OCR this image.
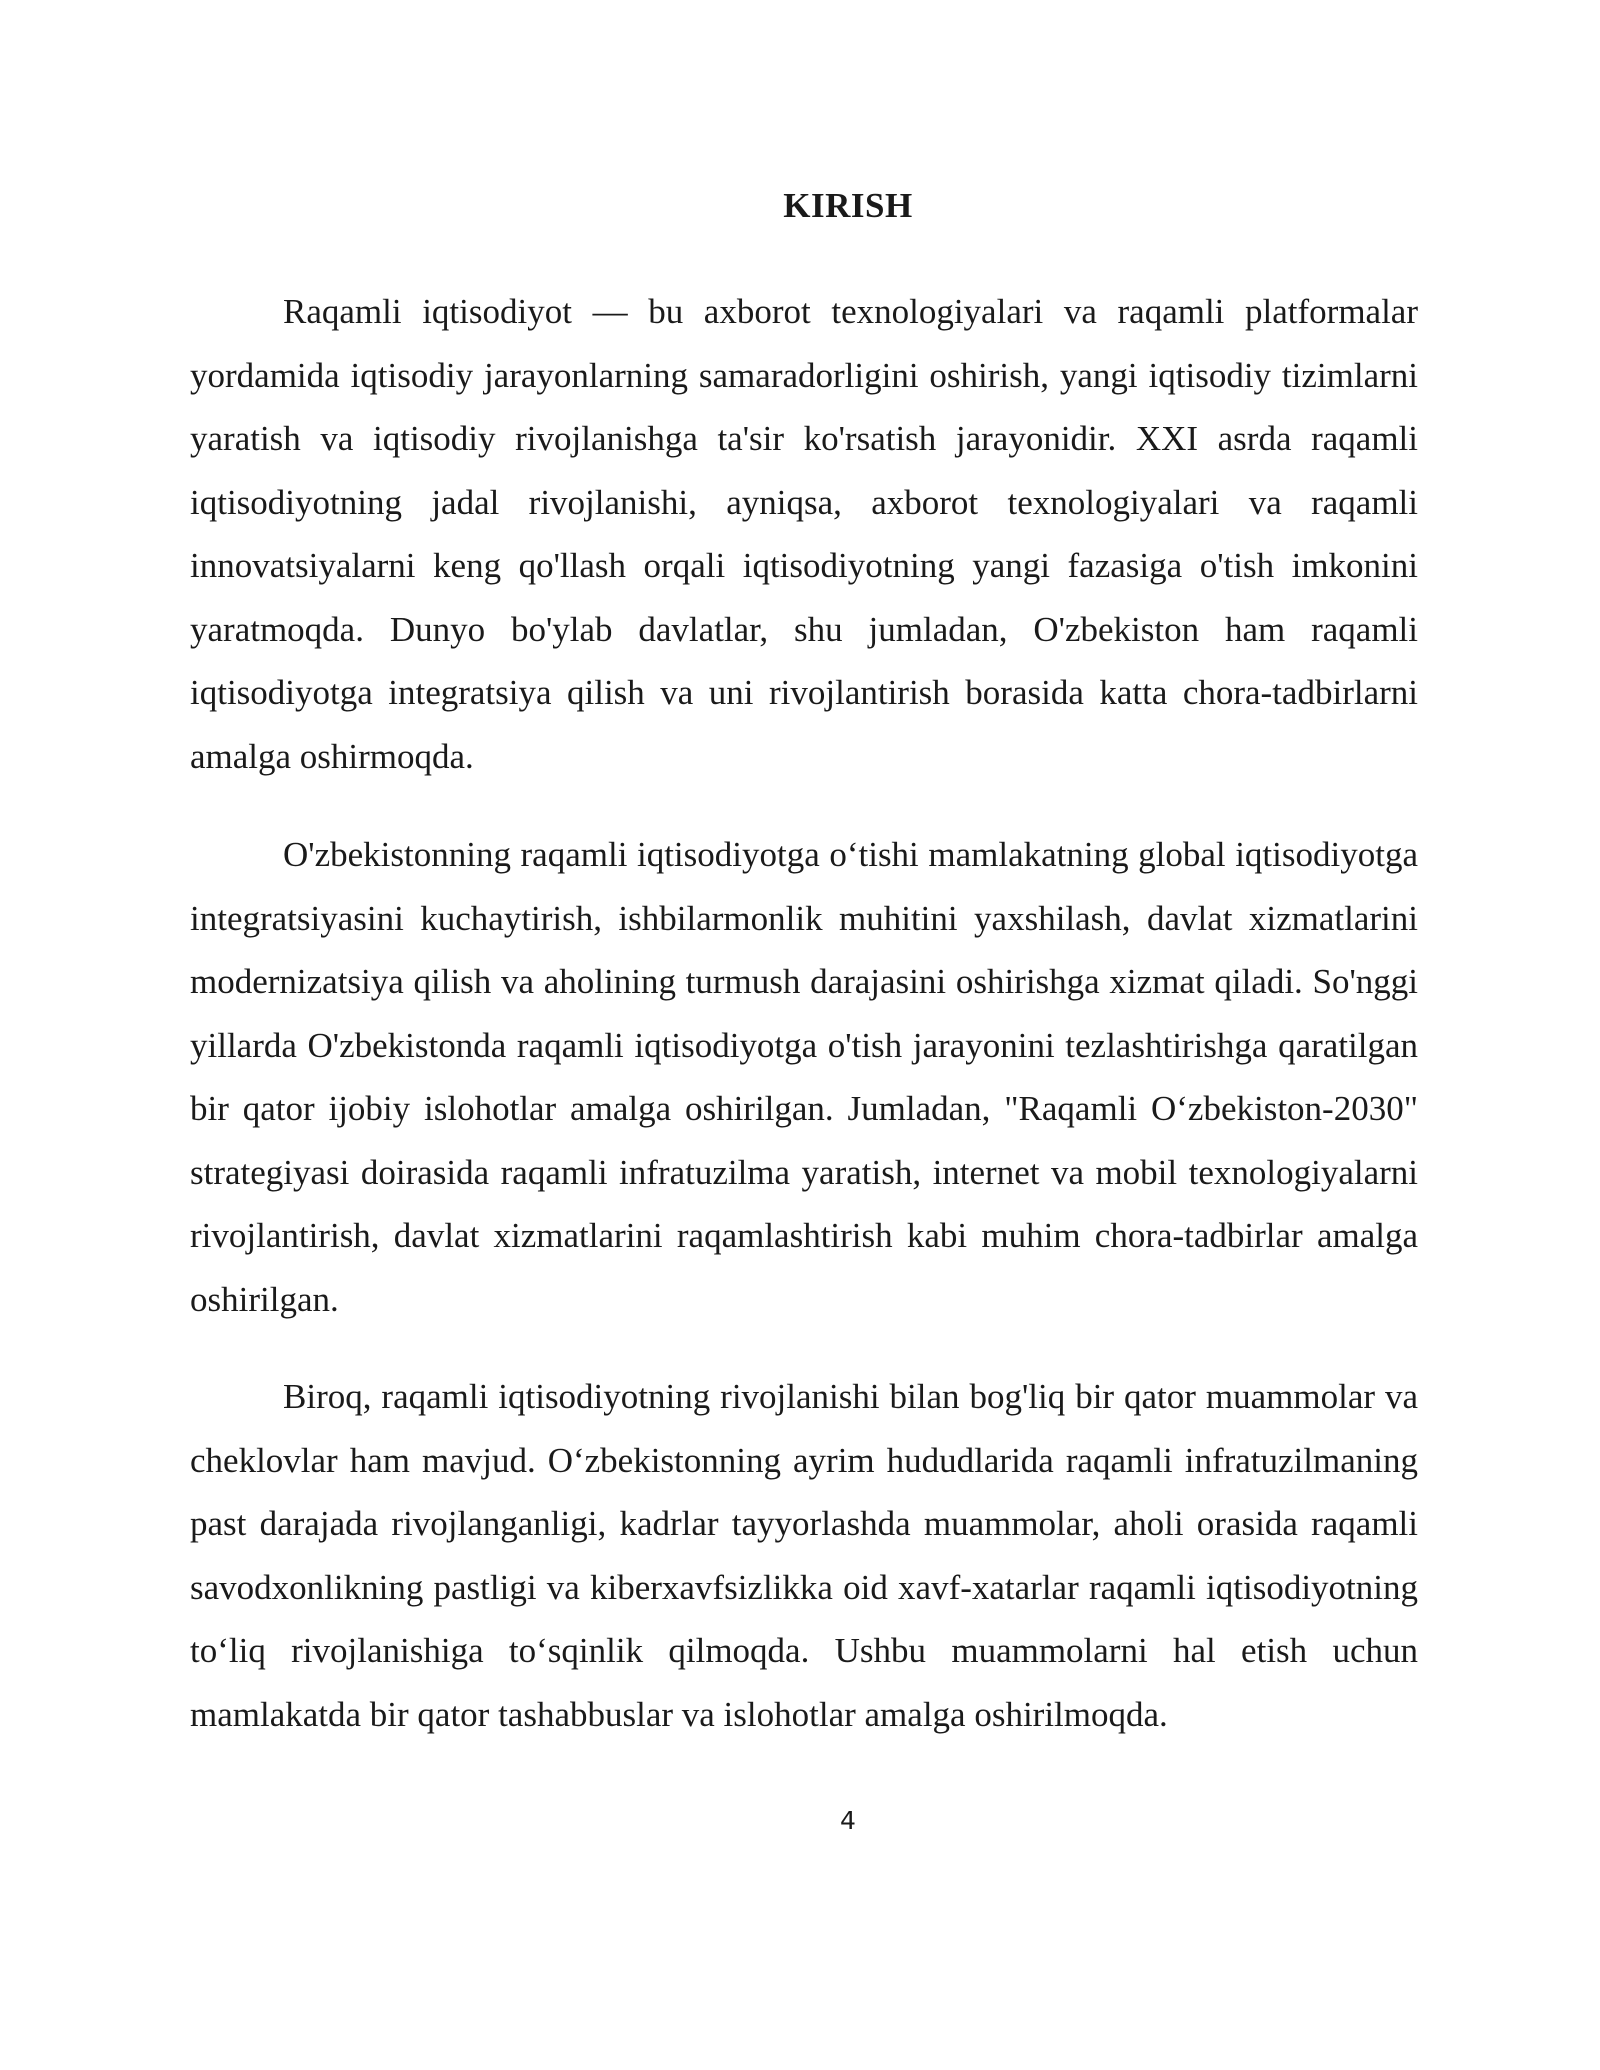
KIRISH

Raqamli iqtisodiyot — bu axborot texnologiyalari va raqamli platformalar yordamida iqtisodiy jarayonlarning samaradorligini oshirish, yangi iqtisodiy tizimlarni yaratish va iqtisodiy rivojlanishga ta'sir ko'rsatish jarayonidir. XXI asrda raqamli iqtisodiyotning jadal rivojlanishi, ayniqsa, axborot texnologiyalari va raqamli innovatsiyalarni keng qo'llash orqali iqtisodiyotning yangi fazasiga o'tish imkonini yaratmoqda. Dunyo bo'ylab davlatlar, shu jumladan, O'zbekiston ham raqamli iqtisodiyotga integratsiya qilish va uni rivojlantirish borasida katta chora-tadbirlarni amalga oshirmoqda.

O'zbekistonning raqamli iqtisodiyotga o‘tishi mamlakatning global iqtisodiyotga integratsiyasini kuchaytirish, ishbilarmonlik muhitini yaxshilash, davlat xizmatlarini modernizatsiya qilish va aholining turmush darajasini oshirishga xizmat qiladi. So'nggi yillarda O'zbekistonda raqamli iqtisodiyotga o'tish jarayonini tezlashtirishga qaratilgan bir qator ijobiy islohotlar amalga oshirilgan. Jumladan, "Raqamli O‘zbekiston-2030" strategiyasi doirasida raqamli infratuzilma yaratish, internet va mobil texnologiyalarni rivojlantirish, davlat xizmatlarini raqamlashtirish kabi muhim chora-tadbirlar amalga oshirilgan.

Biroq, raqamli iqtisodiyotning rivojlanishi bilan bog'liq bir qator muammolar va cheklovlar ham mavjud. O‘zbekistonning ayrim hududlarida raqamli infratuzilmaning past darajada rivojlanganligi, kadrlar tayyorlashda muammolar, aholi orasida raqamli savodxonlikning pastligi va kiberxavfsizlikka oid xavf-xatarlar raqamli iqtisodiyotning to‘liq rivojlanishiga to‘sqinlik qilmoqda. Ushbu muammolarni hal etish uchun mamlakatda bir qator tashabbuslar va islohotlar amalga oshirilmoqda.

4
